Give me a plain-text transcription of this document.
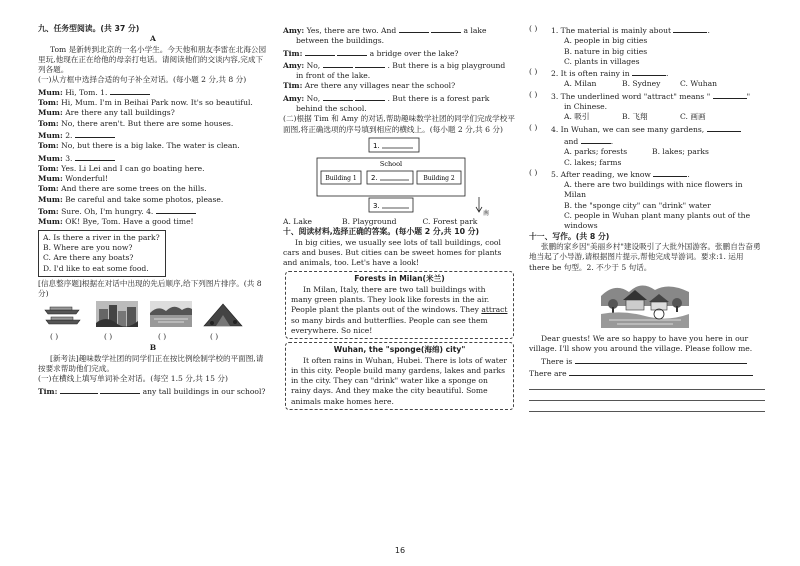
九、任务型阅读。(共 37 分)

A

Tom 是新转到北京的一名小学生。今天他和朋友李雷在北海公园里玩,他现在正在给他的母亲打电话。请阅读他们的交谈内容,完成下列各题。

(一)从方框中选择合适的句子补全对话。(每小题 2 分,共 8 分)

Mum: Hi, Tom. 1.

Tom: Hi, Mum. I'm in Beihai Park now. It's so beautiful.

Mum: Are there any tall buildings?

Tom: No, there aren't. But there are some houses.

Mum: 2.

Tom: No, but there is a big lake. The water is clean.

Mum: 3.

Tom: Yes. Li Lei and I can go boating here.

Mum: Wonderful!

Tom: And there are some trees on the hills.

Mum: Be careful and take some photos, please.

Tom: Sure. Oh, I'm hungry. 4.

Mum: OK! Bye, Tom. Have a good time!

A. Is there a river in the park?

B. Where are you now?

C. Are there any boats?

D. I'd like to eat some food.

[信息整序题]根据在对话中出现的先后顺序,给下列图片排序。(共 8 分)

( )	( )	( )	( )

B

[新考法]趣味数学社团的同学们正在按比例绘制学校的平面图,请按要求帮助他们完成。

(一)在横线上填写单词补全对话。(每空 1.5 分,共 15 分)

Tim:	any tall buildings in our school?

Amy: Yes, there are two. And	a lake

between the buildings.

Tim:	a bridge over the lake?

Amy: No,	. But there is a big playground

in front of the lake.

Tim: Are there any villages near the school?

Amy: No,	. But there is a forest park

behind the school.

(二)根据 Tim 和 Amy 的对话,帮助趣味数学社团的同学们完成学校平面图,将正确选项的序号填到相应的横线上。(每小题 2 分,共 6 分)

1.
School
Building 1 2.	Building 2
3.
南

A. Lake	B. Playground	C. Forest park

十、阅读材料,选择正确的答案。(每小题 2 分,共 10 分)

In big cities, we usually see lots of tall buildings, cool cars and buses. But cities can be sweet homes for plants and animals, too. Let's have a look!

Forests in Milan(米兰)

In Milan, Italy, there are two tall buildings with many green plants. They look like forests in the air. People plant the plants out of the windows. They attract so many birds and butterflies. People can see them everywhere. So nice!

Wuhan, the "sponge(海绵) city"

It often rains in Wuhan, Hubei. There is lots of water in this city. People build many gardens, lakes and parks in the city. They can "drink" water like a sponge on rainy days. And they make the city beautiful. Some animals make homes here.

( ) 1. The material is mainly about	.

A. people in big cities

B. nature in big cities

C. plants in villages

( ) 2. It is often rainy in	.

A. Milan	B. Sydney	C. Wuhan

( ) 3. The underlined word "attract" means "	"

in Chinese.

A. 吸引	B. 飞翔	C. 画画

( ) 4. In Wuhan, we can see many gardens,

and	.

A. parks; forests	B. lakes; parks

C. lakes; farms

( ) 5. After reading, we know	.

A. there are two buildings with nice flowers in Milan

B. the "sponge city" can "drink" water

C. people in Wuhan plant many plants out of the windows

十一、写作。(共 8 分)

张鹏的家乡因"美丽乡村"建设吸引了大批外国游客。张鹏自告奋勇地当起了小导游,请根据图片提示,帮他完成导游词。要求:1. 运用 there be 句型。2. 不少于 5 句话。

Dear guests! We are so happy to have you here in our village. I'll show you around the village. Please follow me.

There is

There are

16
